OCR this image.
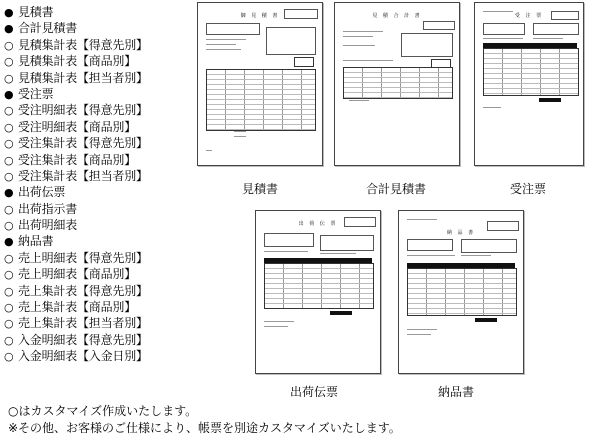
● 見積書
● 合計見積書
○ 見積集計表【得意先別】
○ 見積集計表【商品別】
○ 見積集計表【担当者別】
● 受注票
○ 受注明細表【得意先別】
○ 受注明細表【商品別】
○ 受注集計表【得意先別】
○ 受注集計表【商品別】
○ 受注集計表【担当者別】
● 出荷伝票
○ 出荷指示書
○ 出荷明細表
● 納品書
○ 売上明細表【得意先別】
○ 売上明細表【商品別】
○ 売上集計表【得意先別】
○ 売上集計表【商品別】
○ 売上集計表【担当者別】
○ 入金明細表【得意先別】
○ 入金明細表【入金日別】
御 見 積 書
見積書
見 積 合 計 書
合計見積書
受 注 票
受注票
出 荷 伝 票
出荷伝票
納 品 書
納品書
○はカスタマイズ作成いたします。
※その他、お客様のご仕様により、帳票を別途カスタマイズいたします。
